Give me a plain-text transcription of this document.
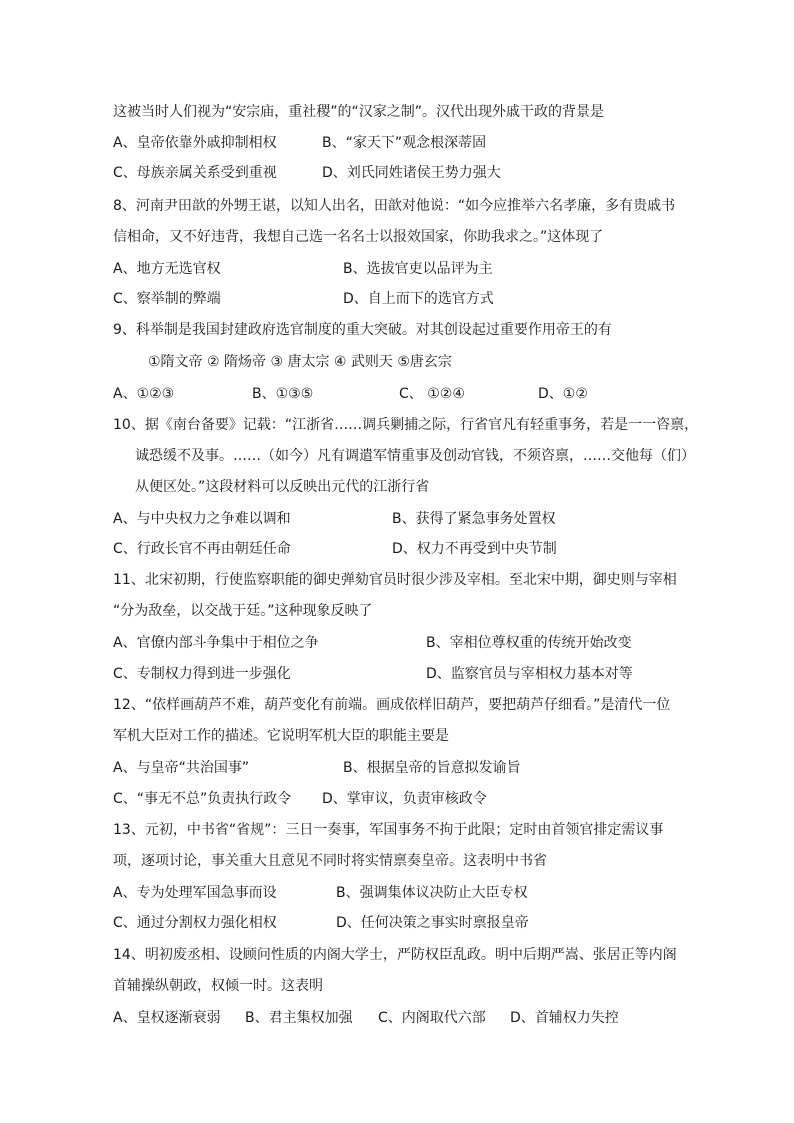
这被当时人们视为“安宗庙，重社稷”的“汉家之制”。汉代出现外戚干政的背景是
A、皇帝依靠外戚抑制相权	B、“家天下”观念根深蒂固
C、母族亲属关系受到重视	D、刘氏同姓诸侯王势力强大
8、河南尹田歆的外甥王谌，以知人出名，田歆对他说：“如今应推举六名孝廉，多有贵戚书
信相命，又不好违背，我想自己选一名名士以报效国家，你助我求之。”这体现了
A、地方无选官权	B、选拔官吏以品评为主
C、察举制的弊端	D、自上而下的选官方式
9、科举制是我国封建政府选官制度的重大突破。对其创设起过重要作用帝王的有
①隋文帝 ② 隋炀帝 ③ 唐太宗 ④ 武则天 ⑤唐玄宗
A、①②③	B、①③⑤	C、 ①②④	D、①②
10、据《南台备要》记载：“江浙省……调兵剿捕之际，行省官凡有轻重事务，若是一一咨禀，
诚恐缓不及事。……（如今）凡有调遣军情重事及创动官钱，不须咨禀，……交他每（们）
从便区处。”这段材料可以反映出元代的江浙行省
A、与中央权力之争难以调和	B、获得了紧急事务处置权
C、行政长官不再由朝廷任命	D、权力不再受到中央节制
11、北宋初期，行使监察职能的御史弹劾官员时很少涉及宰相。至北宋中期，御史则与宰相
“分为敌垒，以交战于廷。”这种现象反映了
A、官僚内部斗争集中于相位之争	B、宰相位尊权重的传统开始改变
C、专制权力得到进一步强化	D、监察官员与宰相权力基本对等
12、“依样画葫芦不难，葫芦变化有前端。画成依样旧葫芦，要把葫芦仔细看。”是清代一位
军机大臣对工作的描述。它说明军机大臣的职能主要是
A、与皇帝“共治国事”	B、根据皇帝的旨意拟发谕旨
C、“事无不总”负责执行政令 D、掌审议，负责审核政令
13、元初，中书省“省规”：三日一奏事，军国事务不拘于此限；定时由首领官排定需议事
项，逐项讨论，事关重大且意见不同时将实情禀奏皇帝。这表明中书省
A、专为处理军国急事而设	B、强调集体议决防止大臣专权
C、通过分割权力强化相权	D、任何决策之事实时禀报皇帝
14、明初废丞相、设顾问性质的内阁大学士，严防权臣乱政。明中后期严嵩、张居正等内阁
首辅操纵朝政，权倾一时。这表明
A、皇权逐渐衰弱 B、君主集权加强 C、内阁取代六部 D、首辅权力失控
